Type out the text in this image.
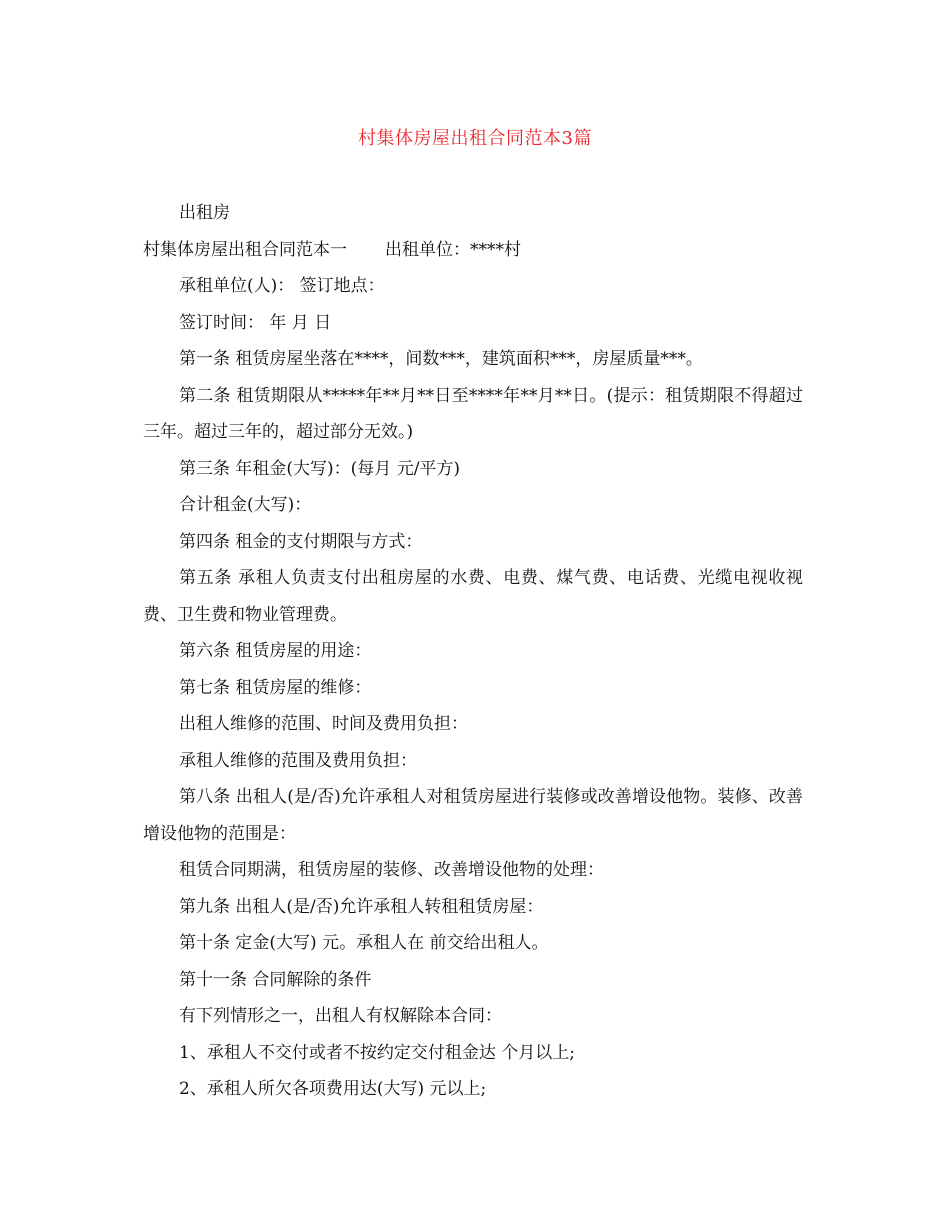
村集体房屋出租合同范本3篇

出租房

村集体房屋出租合同范本一 出租单位：****村

承租单位(人)： 签订地点：

签订时间： 年 月 日

第一条 租赁房屋坐落在****，间数***，建筑面积***，房屋质量***。

第二条 租赁期限从*****年**月**日至****年**月**日。(提示：租赁期限不得超过三年。超过三年的，超过部分无效。)

第三条 年租金(大写)：(每月 元/平方)

合计租金(大写)：

第四条 租金的支付期限与方式：

第五条 承租人负责支付出租房屋的水费、电费、煤气费、电话费、光缆电视收视费、卫生费和物业管理费。

第六条 租赁房屋的用途：

第七条 租赁房屋的维修：

出租人维修的范围、时间及费用负担：

承租人维修的范围及费用负担：

第八条 出租人(是/否)允许承租人对租赁房屋进行装修或改善增设他物。装修、改善增设他物的范围是：

租赁合同期满，租赁房屋的装修、改善增设他物的处理：

第九条 出租人(是/否)允许承租人转租租赁房屋：

第十条 定金(大写) 元。承租人在 前交给出租人。

第十一条 合同解除的条件

有下列情形之一，出租人有权解除本合同：

1、承租人不交付或者不按约定交付租金达 个月以上;

2、承租人所欠各项费用达(大写) 元以上;
